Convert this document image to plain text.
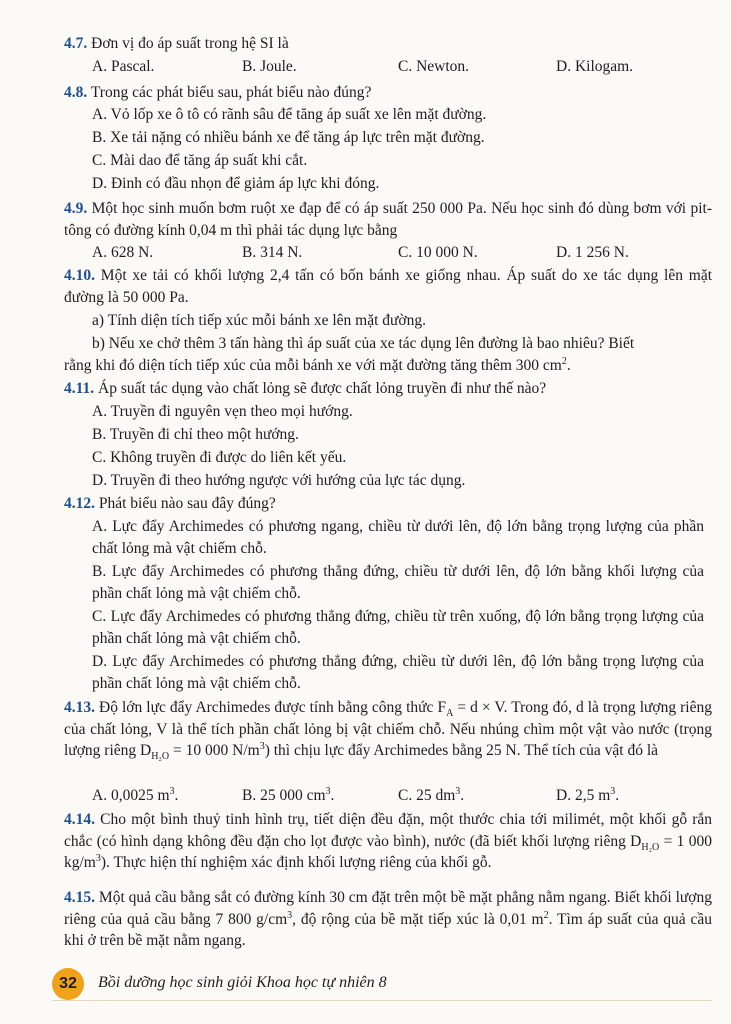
4.7. Đơn vị đo áp suất trong hệ SI là
A. Pascal.	B. Joule.	C. Newton.	D. Kilogam.
4.8. Trong các phát biểu sau, phát biểu nào đúng?
A. Vỏ lốp xe ô tô có rãnh sâu để tăng áp suất xe lên mặt đường.
B. Xe tải nặng có nhiều bánh xe để tăng áp lực trên mặt đường.
C. Mài dao để tăng áp suất khi cắt.
D. Đinh có đầu nhọn để giảm áp lực khi đóng.
4.9. Một học sinh muốn bơm ruột xe đạp để có áp suất 250 000 Pa. Nếu học sinh đó dùng bơm với pit-tông có đường kính 0,04 m thì phải tác dụng lực bằng
A. 628 N.	B. 314 N.	C. 10 000 N.	D. 1 256 N.
4.10. Một xe tải có khối lượng 2,4 tấn có bốn bánh xe giống nhau. Áp suất do xe tác dụng lên mặt đường là 50 000 Pa.
a) Tính diện tích tiếp xúc mỗi bánh xe lên mặt đường.
b) Nếu xe chở thêm 3 tấn hàng thì áp suất của xe tác dụng lên đường là bao nhiêu? Biết
rằng khi đó diện tích tiếp xúc của mỗi bánh xe với mặt đường tăng thêm 300 $cm^2$.
4.11. Áp suất tác dụng vào chất lỏng sẽ được chất lỏng truyền đi như thế nào?
A. Truyền đi nguyên vẹn theo mọi hướng.
B. Truyền đi chỉ theo một hướng.
C. Không truyền đi được do liên kết yếu.
D. Truyền đi theo hướng ngược với hướng của lực tác dụng.
4.12. Phát biểu nào sau đây đúng?
A. Lực đẩy Archimedes có phương ngang, chiều từ dưới lên, độ lớn bằng trọng lượng của phần chất lỏng mà vật chiếm chỗ.
B. Lực đẩy Archimedes có phương thẳng đứng, chiều từ dưới lên, độ lớn bằng khối lượng của phần chất lỏng mà vật chiếm chỗ.
C. Lực đẩy Archimedes có phương thẳng đứng, chiều từ trên xuống, độ lớn bằng trọng lượng của phần chất lỏng mà vật chiếm chỗ.
D. Lực đẩy Archimedes có phương thẳng đứng, chiều từ dưới lên, độ lớn bằng trọng lượng của phần chất lỏng mà vật chiếm chỗ.
4.13. Độ lớn lực đẩy Archimedes được tính bằng công thức $F_A = d \times V$. Trong đó, d là trọng lượng riêng của chất lỏng, V là thể tích phần chất lỏng bị vật chiếm chỗ. Nếu nhúng chìm một vật vào nước (trọng lượng riêng $D_{H_2O} = 10$ 000 $N/m^3$) thì chịu lực đẩy Archimedes bằng 25 N. Thể tích của vật đó là
A. 0,0025 $m^3$.	B. 25 000 $cm^3$.	C. 25 $dm^3$.	D. 2,5 $m^3$.
4.14. Cho một bình thuỷ tinh hình trụ, tiết diện đều đặn, một thước chia tới milimét, một khối gỗ rắn chắc (có hình dạng không đều đặn cho lọt được vào bình), nước (đã biết khối lượng riêng $D_{H_2O} = 1$ 000 $kg/m^3$). Thực hiện thí nghiệm xác định khối lượng riêng của khối gỗ.
4.15. Một quả cầu bằng sắt có đường kính 30 cm đặt trên một bề mặt phẳng nằm ngang. Biết khối lượng riêng của quả cầu bằng 7 800 $g/cm^3$, độ rộng của bề mặt tiếp xúc là 0,01 $m^2$. Tìm áp suất của quả cầu khi ở trên bề mặt nằm ngang.
32	Bồi dưỡng học sinh giỏi Khoa học tự nhiên 8
